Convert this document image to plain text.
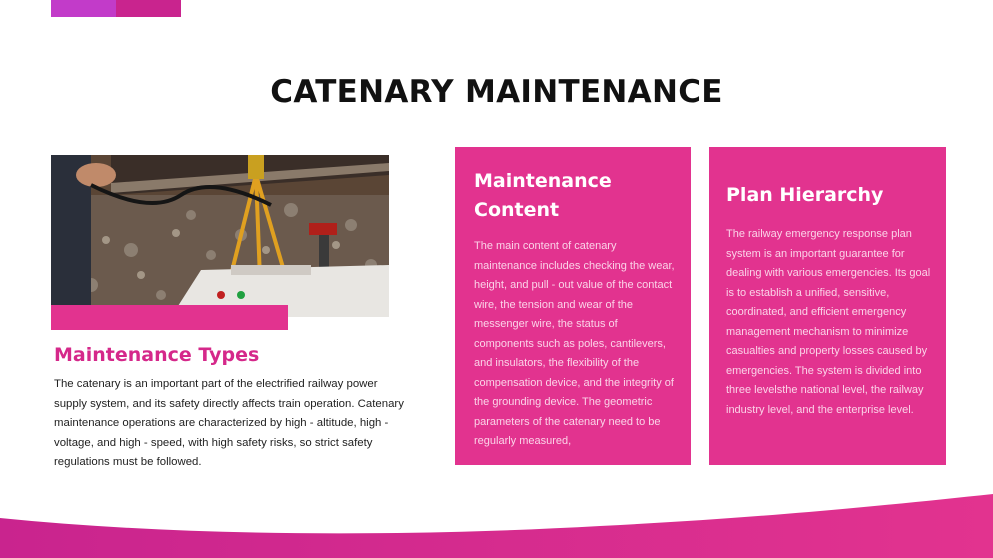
CATENARY MAINTENANCE
Maintenance Types

The catenary is an important part of the electrified railway power supply system, and its safety directly affects train operation. Catenary maintenance operations are characterized by high - altitude, high - voltage, and high - speed, with high safety risks, so strict safety regulations must be followed.

Maintenance Content

The main content of catenary maintenance includes checking the wear, height, and pull - out value of the contact wire, the tension and wear of the messenger wire, the status of components such as poles, cantilevers, and insulators, the flexibility of the compensation device, and the integrity of the grounding device. The geometric parameters of the catenary need to be regularly measured,

Plan Hierarchy

The railway emergency response plan system is an important guarantee for dealing with various emergencies. Its goal is to establish a unified, sensitive, coordinated, and efficient emergency management mechanism to minimize casualties and property losses caused by emergencies. The system is divided into three levelsthe national level, the railway industry level, and the enterprise level.
